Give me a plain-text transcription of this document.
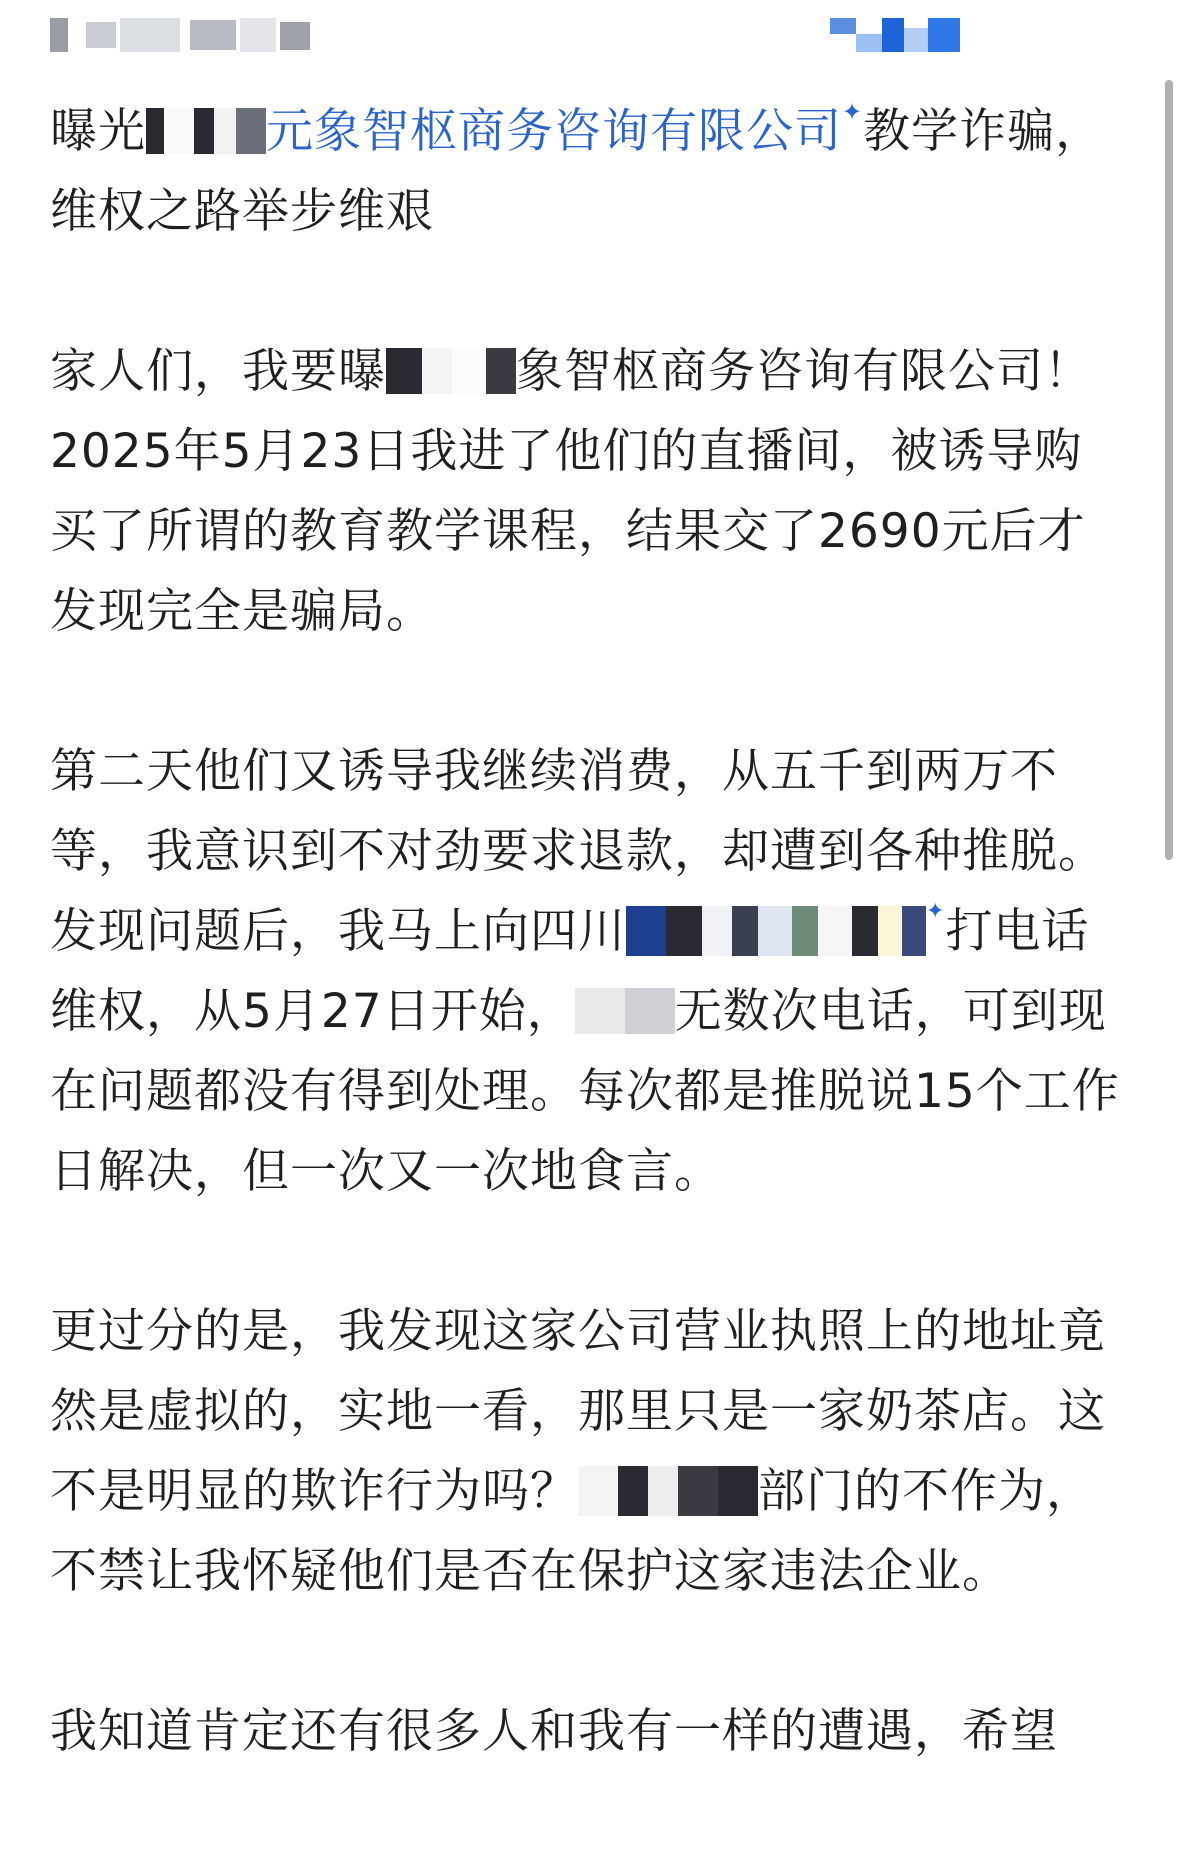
曝光	元象智枢商务咨询有限公司✦教学诈骗，维权之路举步维艰

家人们，我要曝	象智枢商务咨询有限公司！2025年5月23日我进了他们的直播间，被诱导购买了所谓的教育教学课程，结果交了2690元后才发现完全是骗局。

第二天他们又诱导我继续消费，从五千到两万不等，我意识到不对劲要求退款，却遭到各种推脱。发现问题后，我马上向四川	✦打电话维权，从5月27日开始， 无数次电话，可到现在问题都没有得到处理。每次都是推脱说15个工作日解决，但一次又一次地食言。

更过分的是，我发现这家公司营业执照上的地址竟然是虚拟的，实地一看，那里只是一家奶茶店。这不是明显的欺诈行为吗？	部门的不作为，不禁让我怀疑他们是否在保护这家违法企业。

我知道肯定还有很多人和我有一样的遭遇，希望
